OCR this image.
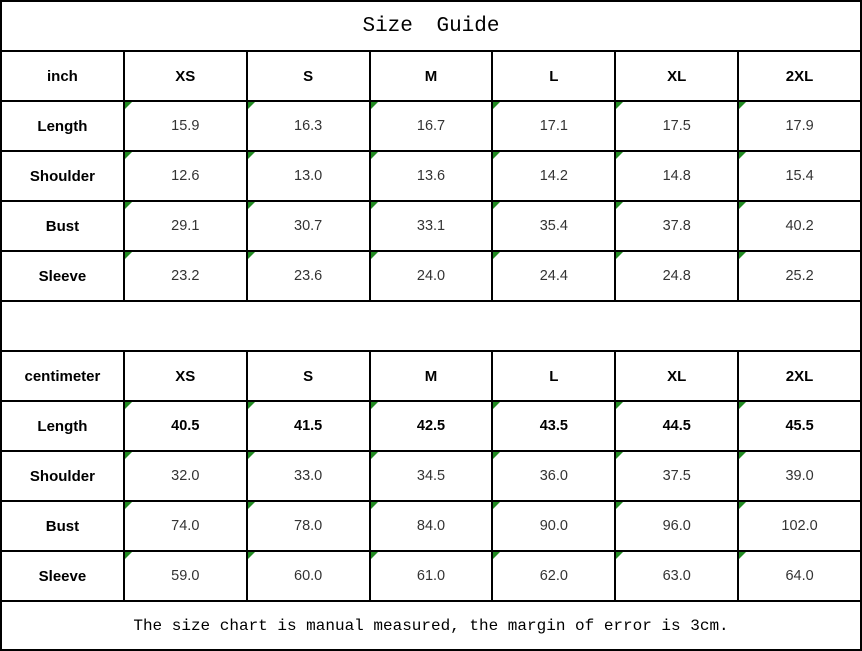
Size Guide
The size chart is manual measured, the margin of error is 3cm.
inch	XS	S	M	L	XL	2XL
Length	15.9	16.3	16.7	17.1	17.5	17.9
Shoulder	12.6	13.0	13.6	14.2	14.8	15.4
Bust	29.1	30.7	33.1	35.4	37.8	40.2
Sleeve	23.2	23.6	24.0	24.4	24.8	25.2
centimeter	XS	S	M	L	XL	2XL
Length	40.5	41.5	42.5	43.5	44.5	45.5
Shoulder	32.0	33.0	34.5	36.0	37.5	39.0
Bust	74.0	78.0	84.0	90.0	96.0	102.0
Sleeve	59.0	60.0	61.0	62.0	63.0	64.0
